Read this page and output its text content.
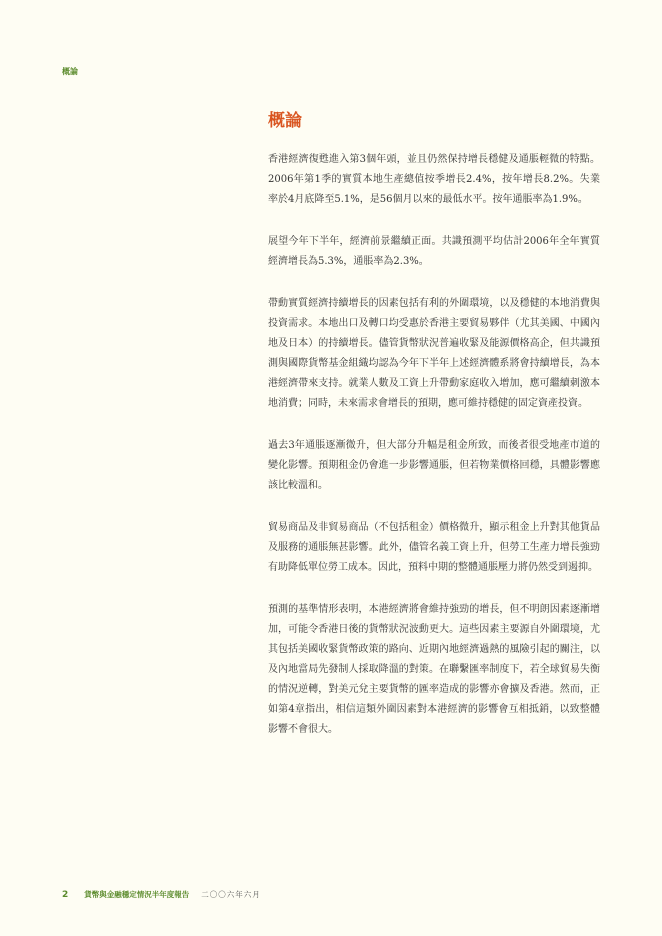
概論
概論

香港經濟復甦進入第3個年頭，並且仍然保持增長穩健及通脹輕微的特點。2006年第1季的實質本地生產總值按季增長2.4%，按年增長8.2%。失業率於4月底降至5.1%，是56個月以來的最低水平。按年通脹率為1.9%。

展望今年下半年，經濟前景繼續正面。共識預測平均估計2006年全年實質經濟增長為5.3%，通脹率為2.3%。

帶動實質經濟持續增長的因素包括有利的外圍環境，以及穩健的本地消費與投資需求。本地出口及轉口均受惠於香港主要貿易夥伴（尤其美國、中國內地及日本）的持續增長。儘管貨幣狀況普遍收緊及能源價格高企，但共識預測與國際貨幣基金組織均認為今年下半年上述經濟體系將會持續增長，為本港經濟帶來支持。就業人數及工資上升帶動家庭收入增加，應可繼續刺激本地消費；同時，未來需求會增長的預期，應可維持穩健的固定資產投資。

過去3年通脹逐漸微升，但大部分升幅是租金所致，而後者很受地產市道的變化影響。預期租金仍會進一步影響通脹，但若物業價格回穩，具體影響應該比較溫和。

貿易商品及非貿易商品（不包括租金）價格微升，顯示租金上升對其他貨品及服務的通脹無甚影響。此外，儘管名義工資上升，但勞工生產力增長強勁有助降低單位勞工成本。因此，預料中期的整體通脹壓力將仍然受到遏抑。

預測的基準情形表明，本港經濟將會維持強勁的增長，但不明朗因素逐漸增加，可能令香港日後的貨幣狀況波動更大。這些因素主要源自外圍環境，尤其包括美國收緊貨幣政策的路向、近期內地經濟過熱的風險引起的關注，以及內地當局先發制人採取降溫的對策。在聯繫匯率制度下，若全球貿易失衡的情況逆轉，對美元兌主要貨幣的匯率造成的影響亦會擴及香港。然而，正如第4章指出，相信這類外圍因素對本港經濟的影響會互相抵銷，以致整體影響不會很大。

2 貨幣與金融穩定情況半年度報告 二〇〇六年六月
